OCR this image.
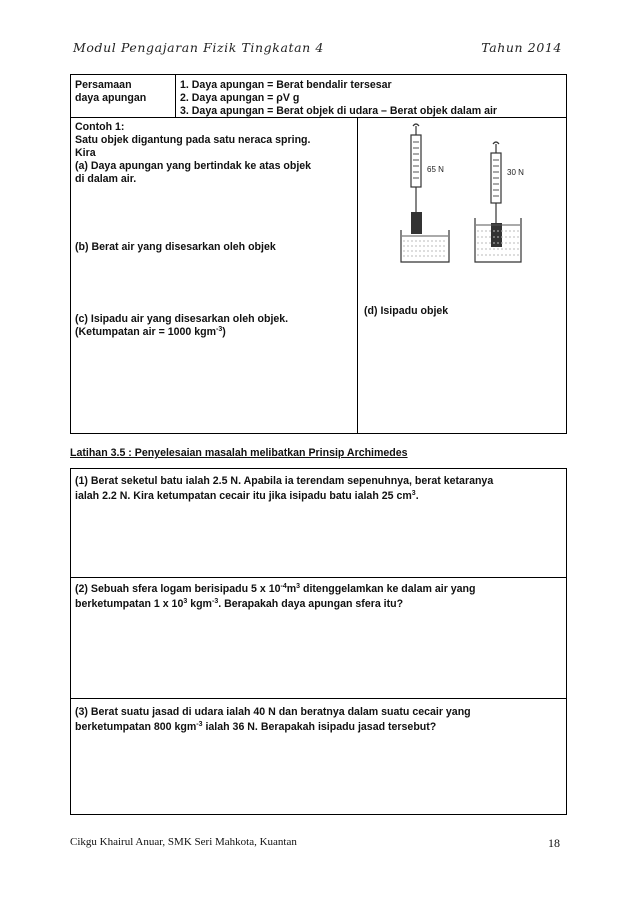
Modul Pengajaran Fizik Tingkatan 4	Tahun 2014
Persamaan
daya apungan
1. Daya apungan = Berat bendalir tersesar
2. Daya apungan = ρV g
3. Daya apungan = Berat objek di udara – Berat objek dalam air
Contoh 1:
Satu objek digantung pada satu neraca spring.
Kira
(a) Daya apungan yang bertindak ke atas objek
di dalam air.
(b) Berat air yang disesarkan oleh objek
(c) Isipadu air yang disesarkan oleh objek.
(Ketumpatan air = 1000 kgm$^{-3}$)
(d) Isipadu objek
65 N	30 N
Latihan 3.5 : Penyelesaian masalah melibatkan Prinsip Archimedes
(1) Berat seketul batu ialah 2.5 N. Apabila ia terendam sepenuhnya, berat ketaranya
ialah 2.2 N. Kira ketumpatan cecair itu jika isipadu batu ialah 25 $cm^3$.
(2) Sebuah sfera logam berisipadu 5 x $10^{-4}m^3$ ditenggelamkan ke dalam air yang
berketumpatan 1 x $10^3$ kgm$^{-3}$. Berapakah daya apungan sfera itu?
(3) Berat suatu jasad di udara ialah 40 N dan beratnya dalam suatu cecair yang
berketumpatan 800 kgm$^{-3}$ ialah 36 N. Berapakah isipadu jasad tersebut?
Cikgu Khairul Anuar, SMK Seri Mahkota, Kuantan	18
